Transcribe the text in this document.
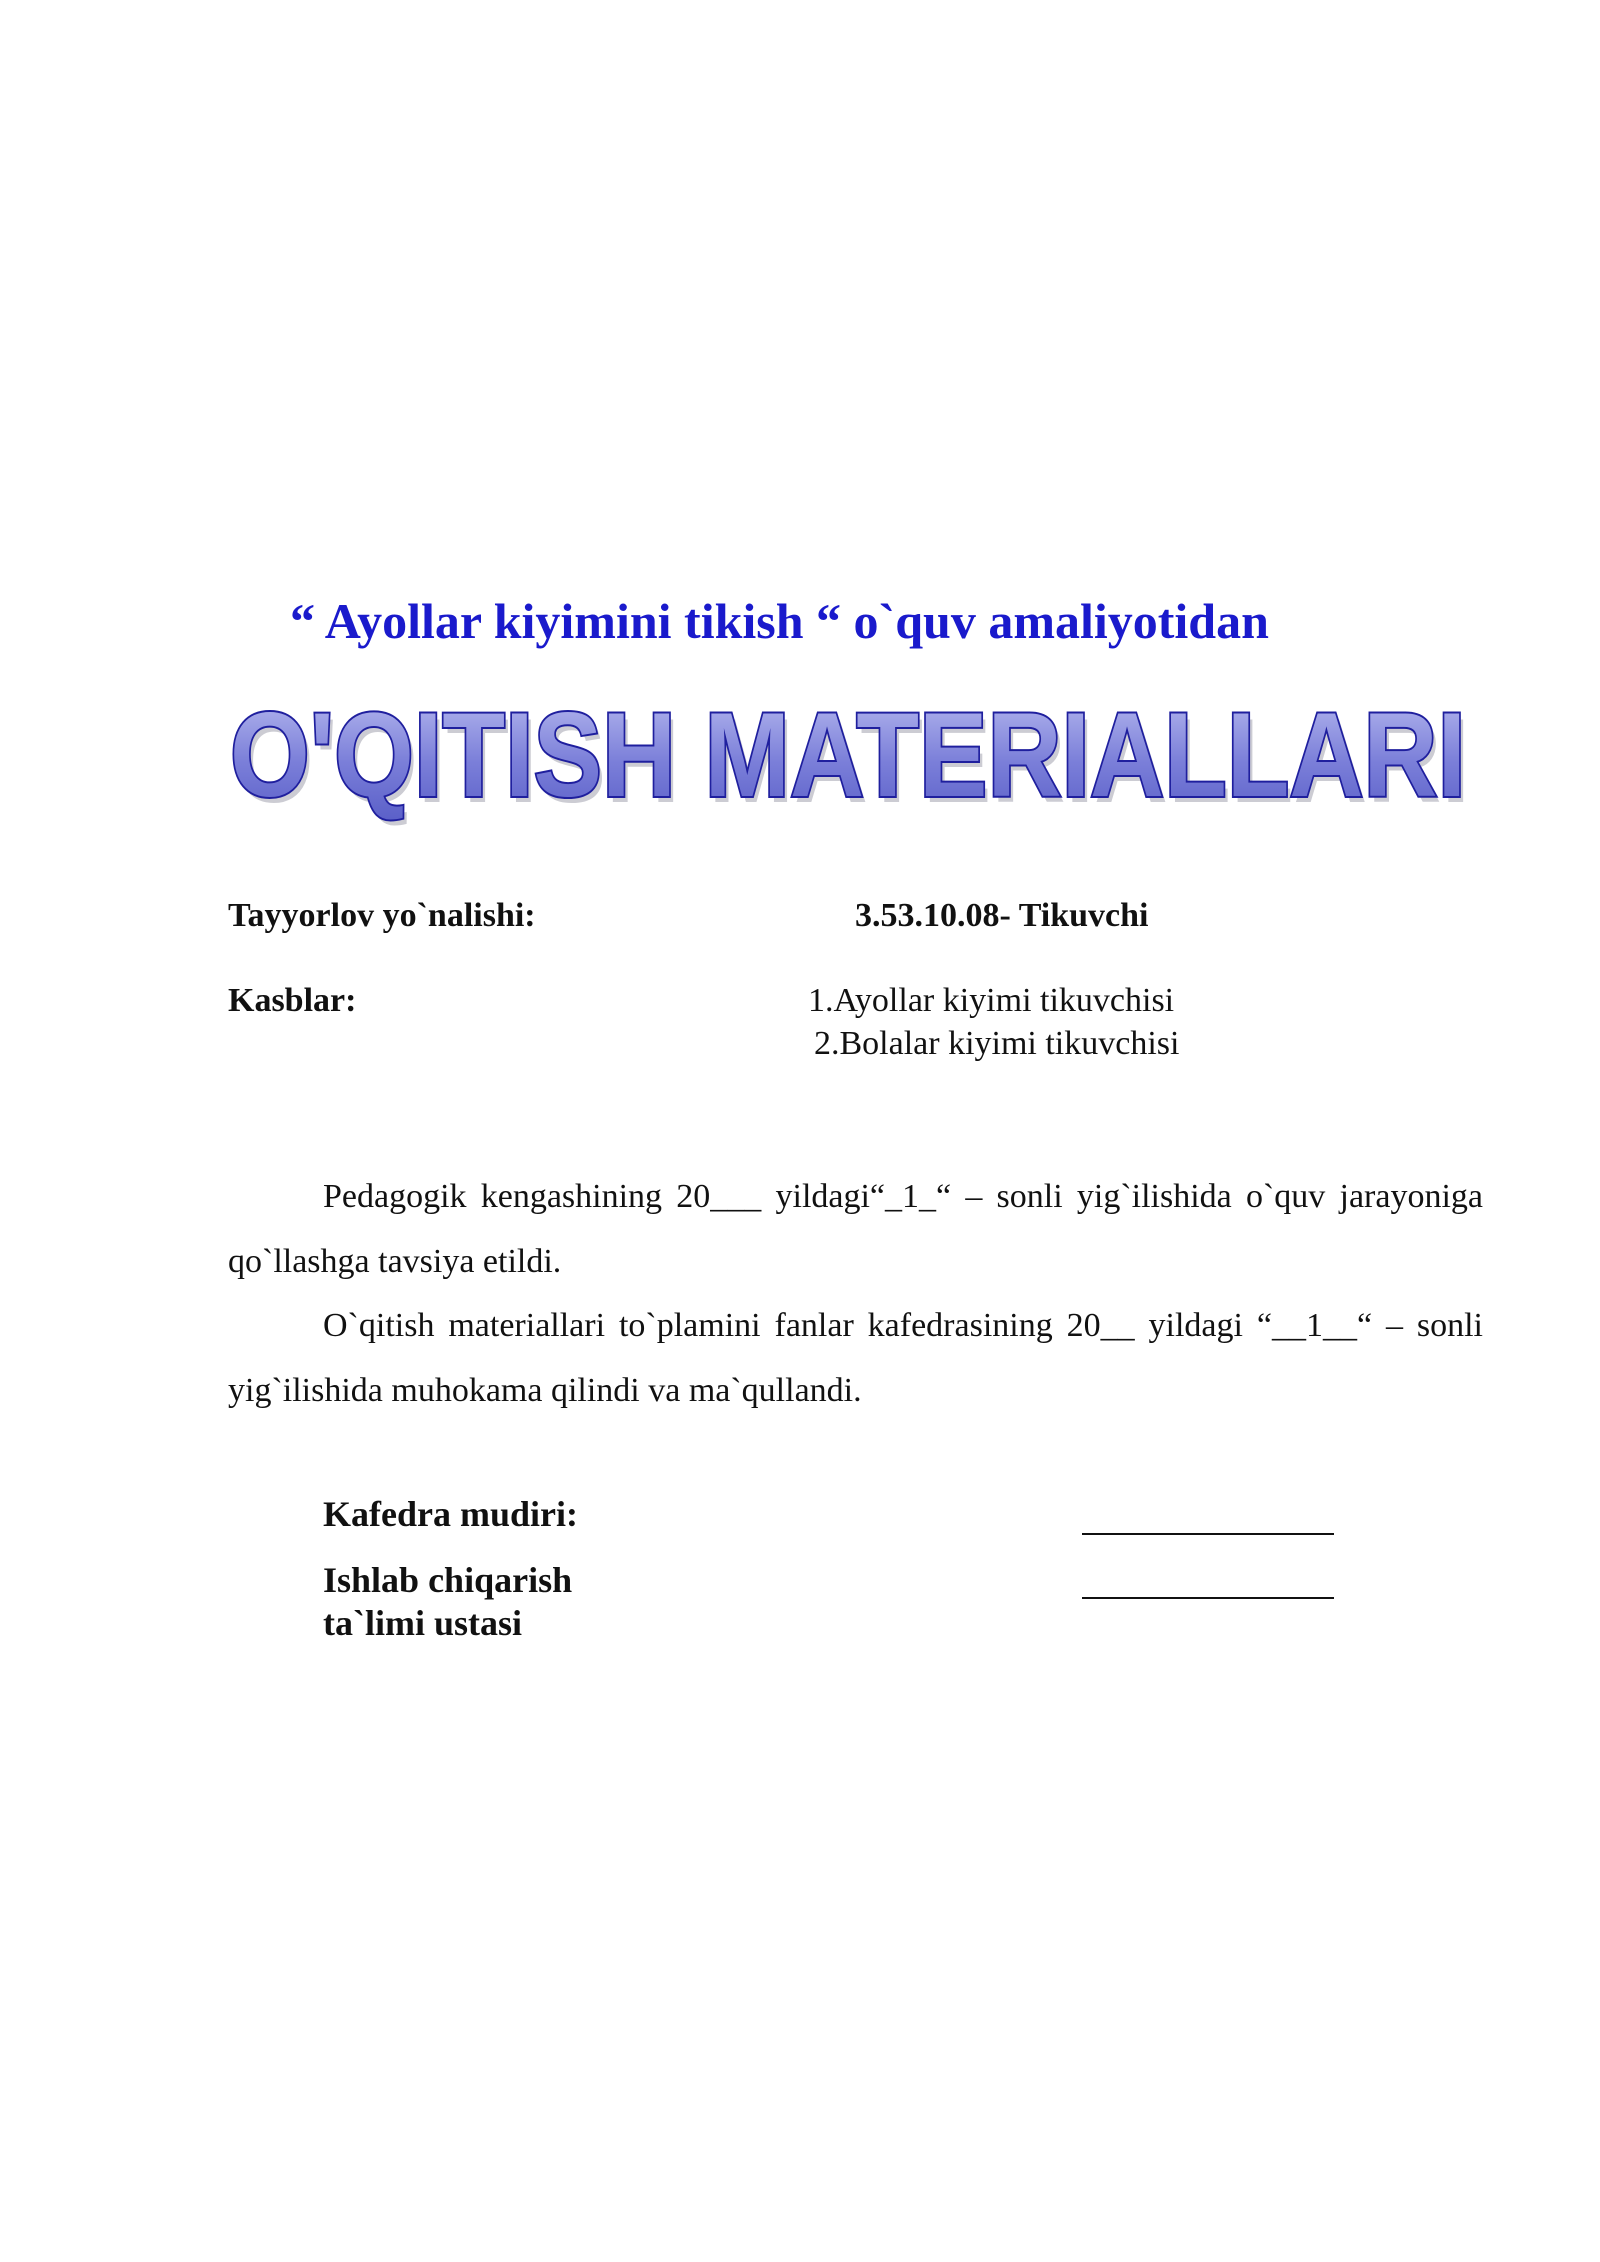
“ Ayollar kiyimini tikish “ o`quv amaliyotidan
O'QITISH MATERIALLARI
O'QITISH MATERIALLARI
Tayyorlov yo`nalishi:	3.53.10.08- Tikuvchi
Kasblar:	1.Ayollar kiyimi tikuvchisi
2.Bolalar kiyimi tikuvchisi

Pedagogik kengashining 20___ yildagi“_1_“ – sonli yig`ilishida o`quv jarayoniga qo`llashga tavsiya etildi.

O`qitish materiallari to`plamini fanlar kafedrasining 20__ yildagi “__1__“ – sonli yig`ilishida muhokama qilindi va ma`qullandi.

Kafedra mudiri:
Ishlab chiqarish
ta`limi ustasi
